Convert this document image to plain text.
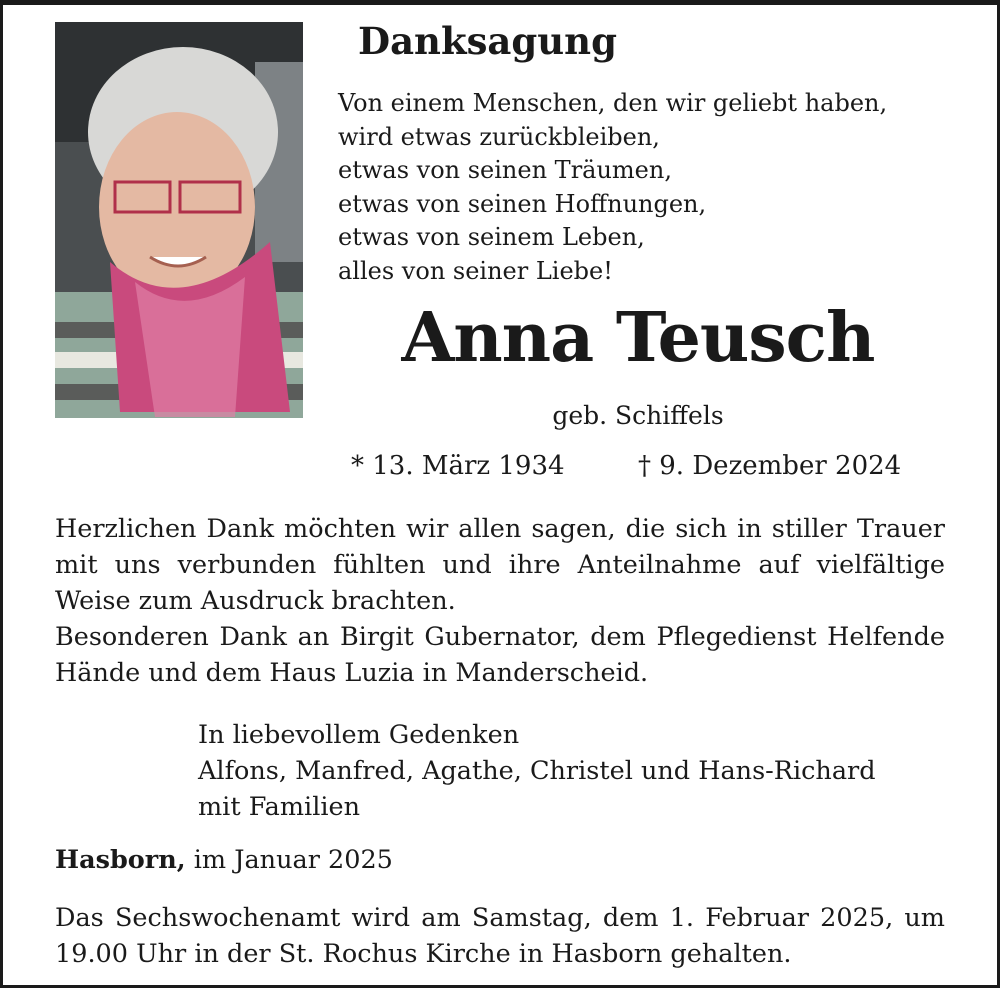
Danksagung
Von einem Menschen, den wir geliebt haben,
wird etwas zurückbleiben,
etwas von seinen Träumen,
etwas von seinen Hoffnungen,
etwas von seinem Leben,
alles von seiner Liebe!
Anna Teusch
geb. Schiffels
* 13. März 1934	† 9. Dezember 2024

Herzlichen Dank möchten wir allen sagen, die sich in stiller Trauer mit uns verbunden fühlten und ihre Anteilnahme auf vielfältige Weise zum Ausdruck brachten.

Besonderen Dank an Birgit Gubernator, dem Pflegedienst Helfende Hände und dem Haus Luzia in Manderscheid.

In liebevollem Gedenken
Alfons, Manfred, Agathe, Christel und Hans-Richard
mit Familien
Hasborn, im Januar 2025

Das Sechswochenamt wird am Samstag, dem 1. Februar 2025, um 19.00 Uhr in der St. Rochus Kirche in Hasborn gehalten.
